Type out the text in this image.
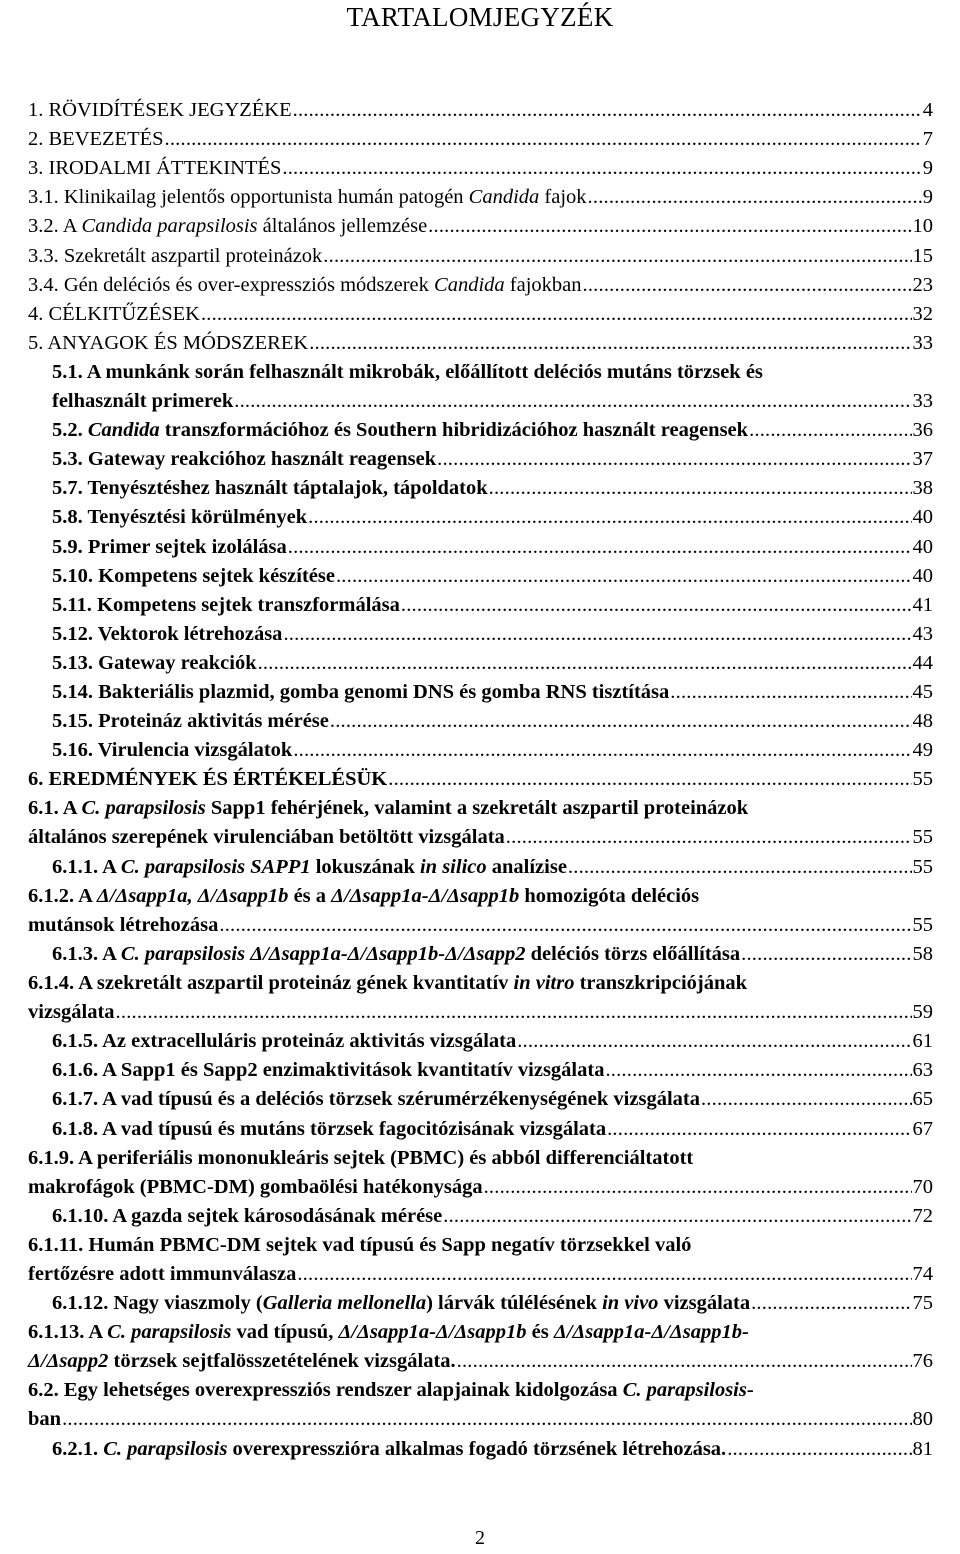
TARTALOMJEGYZÉK
1. RÖVIDÍTÉSEK JEGYZÉKE .....	4
2. BEVEZETÉS .....	7
3. IRODALMI ÁTTEKINTÉS .....	9
3.1. Klinikailag jelentős opportunista humán patogén Candida fajok .....	9
3.2. A Candida parapsilosis általános jellemzése .....	10
3.3. Szekretált aszpartil proteinázok .....	15
3.4. Gén deléciós és over-expressziós módszerek Candida fajokban .....	23
4. CÉLKITŰZÉSEK .....	32
5. ANYAGOK ÉS MÓDSZEREK .....	33
5.1. A munkánk során felhasznált mikrobák, előállított deléciós mutáns törzsek és
felhasznált primerek .....	33
5.2. Candida transzformációhoz és Southern hibridizációhoz használt reagensek .....	36
5.3. Gateway reakcióhoz használt reagensek .....	37
5.7. Tenyésztéshez használt táptalajok, tápoldatok .....	38
5.8. Tenyésztési körülmények .....	40
5.9. Primer sejtek izolálása .....	40
5.10. Kompetens sejtek készítése .....	40
5.11. Kompetens sejtek transzformálása .....	41
5.12. Vektorok létrehozása .....	43
5.13. Gateway reakciók .....	44
5.14. Bakteriális plazmid, gomba genomi DNS és gomba RNS tisztítása .....	45
5.15. Proteináz aktivitás mérése .....	48
5.16. Virulencia vizsgálatok .....	49
6. EREDMÉNYEK ÉS ÉRTÉKELÉSÜK .....	55
6.1. A C. parapsilosis Sapp1 fehérjének, valamint a szekretált aszpartil proteinázok
általános szerepének virulenciában betöltött vizsgálata .....	55
6.1.1. A C. parapsilosis SAPP1 lokuszának in silico analízise .....	55
6.1.2. A Δ/Δsapp1a, Δ/Δsapp1b és a Δ/Δsapp1a-Δ/Δsapp1b homozigóta deléciós
mutánsok létrehozása .....	55
6.1.3. A C. parapsilosis Δ/Δsapp1a-Δ/Δsapp1b-Δ/Δsapp2 deléciós törzs előállítása .....	58
6.1.4. A szekretált aszpartil proteináz gének kvantitatív in vitro transzkripciójának
vizsgálata .....	59
6.1.5. Az extracelluláris proteináz aktivitás vizsgálata .....	61
6.1.6. A Sapp1 és Sapp2 enzimaktivitások kvantitatív vizsgálata .....	63
6.1.7. A vad típusú és a deléciós törzsek szérumérzékenységének vizsgálata .....	65
6.1.8. A vad típusú és mutáns törzsek fagocitózisának vizsgálata .....	67
6.1.9. A periferiális mononukleáris sejtek (PBMC) és abból differenciáltatott
makrofágok (PBMC-DM) gombaölési hatékonysága .....	70
6.1.10. A gazda sejtek károsodásának mérése .....	72
6.1.11. Humán PBMC-DM sejtek vad típusú és Sapp negatív törzsekkel való
fertőzésre adott immunválasza .....	74
6.1.12. Nagy viaszmoly (Galleria mellonella) lárvák túlélésének in vivo vizsgálata .....	75
6.1.13. A C. parapsilosis vad típusú, Δ/Δsapp1a-Δ/Δsapp1b és Δ/Δsapp1a-Δ/Δsapp1b-
Δ/Δsapp2 törzsek sejtfalösszetételének vizsgálata. .....	76
6.2. Egy lehetséges overexpressziós rendszer alapjainak kidolgozása C. parapsilosis-
ban .....	80
6.2.1. C. parapsilosis overexpresszióra alkalmas fogadó törzsének létrehozása. .....	81
2
